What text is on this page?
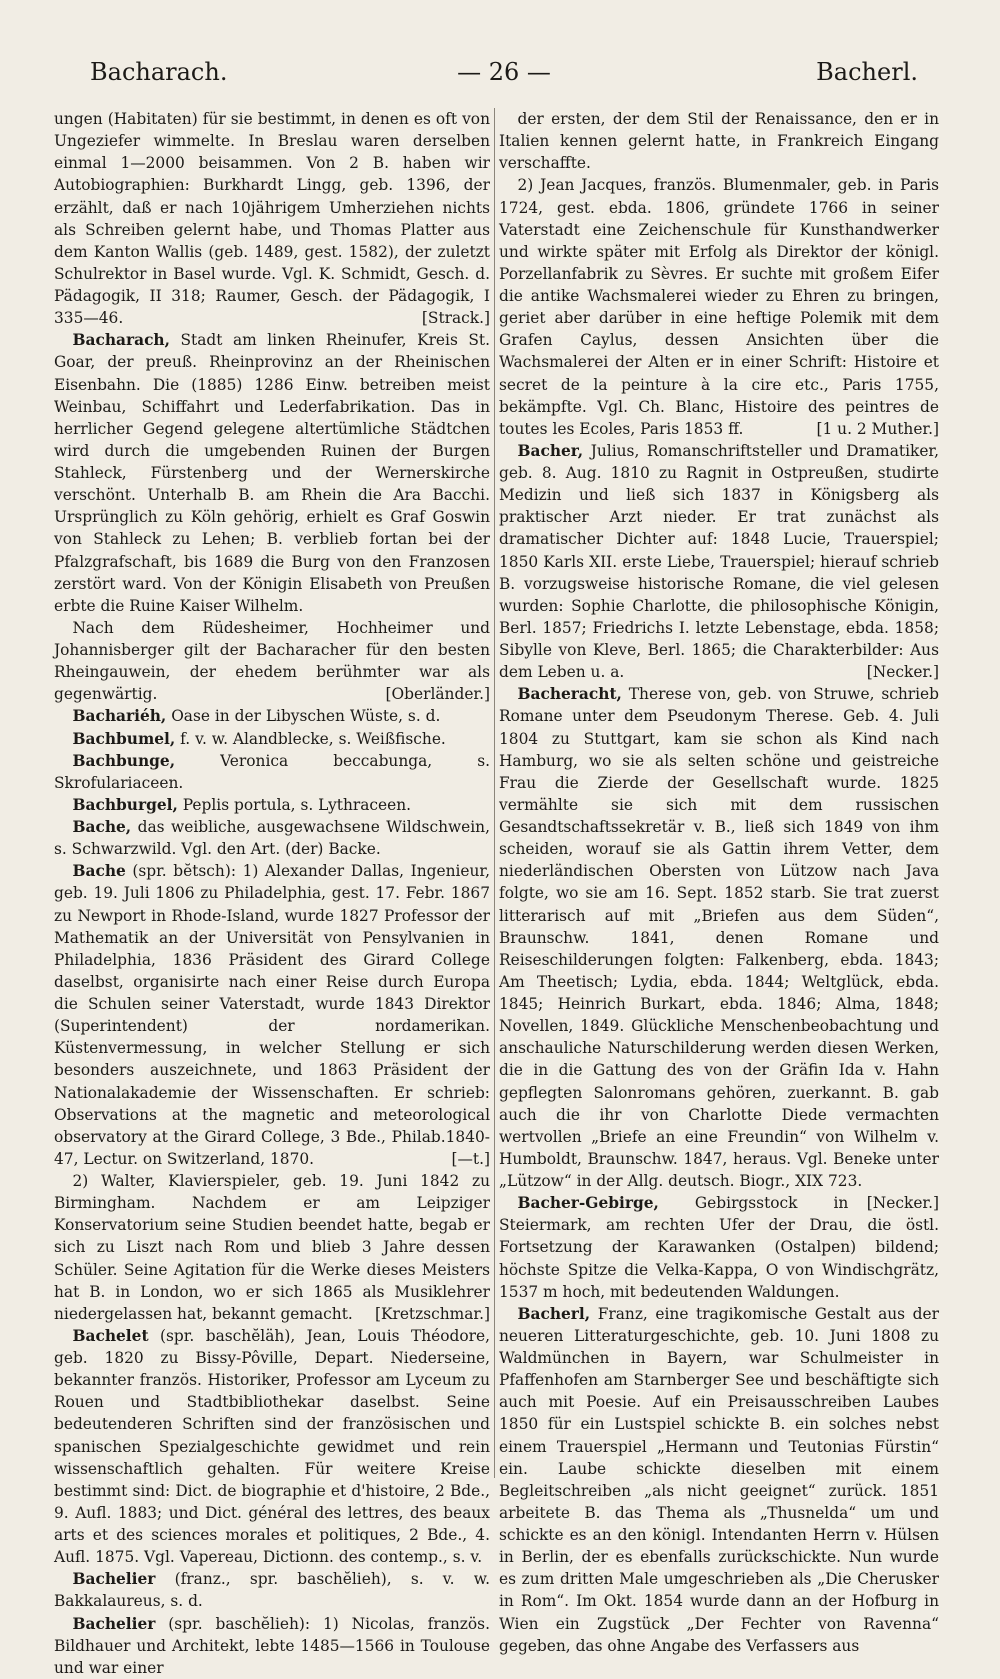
Bacharach.	— 26 —	Bacherl.

ungen (Habitaten) für sie bestimmt, in denen es oft von Ungeziefer wimmelte. In Breslau waren derselben einmal 1—2000 beisammen. Von 2 B. haben wir Autobiographien: Burkhardt Lingg, geb. 1396, der erzählt, daß er nach 10jährigem Umherziehen nichts als Schreiben gelernt habe, und Thomas Platter aus dem Kanton Wallis (geb. 1489, gest. 1582), der zuletzt Schulrektor in Basel wurde. Vgl. K. Schmidt, Gesch. d. Pädagogik, II 318; Raumer, Gesch. der Pädagogik, I 335—46.	[Strack.]

Bacharach, Stadt am linken Rheinufer, Kreis St. Goar, der preuß. Rheinprovinz an der Rheinischen Eisenbahn. Die (1885) 1286 Einw. betreiben meist Weinbau, Schiffahrt und Lederfabrikation. Das in herrlicher Gegend gelegene altertümliche Städtchen wird durch die umgebenden Ruinen der Burgen Stahleck, Fürstenberg und der Wernerskirche verschönt. Unterhalb B. am Rhein die Ara Bacchi. Ursprünglich zu Köln gehörig, erhielt es Graf Goswin von Stahleck zu Lehen; B. verblieb fortan bei der Pfalzgrafschaft, bis 1689 die Burg von den Franzosen zerstört ward. Von der Königin Elisabeth von Preußen erbte die Ruine Kaiser Wilhelm.

Nach dem Rüdesheimer, Hochheimer und Johannisberger gilt der Bacharacher für den besten Rheingauwein, der ehedem berühmter war als gegenwärtig.	[Oberländer.]

Bachariéh, Oase in der Libyschen Wüste, s. d.

Bachbumel, f. v. w. Alandblecke, s. Weißfische.

Bachbunge,	Veronica beccabunga, s. Skrofulariaceen.

Bachburgel, Peplis portula, s. Lythraceen.

Bache, das weibliche, ausgewachsene Wildschwein, s. Schwarzwild. Vgl. den Art. (der) Backe.

Bache (spr. bĕtsch): 1) Alexander Dallas, Ingenieur, geb. 19. Juli 1806 zu Philadelphia, gest. 17. Febr. 1867 zu Newport in Rhode-Island, wurde 1827 Professor der Mathematik an der Universität von Pensylvanien in Philadelphia, 1836 Präsident des Girard College daselbst, organisirte nach einer Reise durch Europa die Schulen seiner Vaterstadt, wurde 1843 Direktor (Superintendent) der nordamerikan. Küstenvermessung, in welcher Stellung er sich besonders auszeichnete, und 1863 Präsident der Nationalakademie der Wissenschaften. Er schrieb: Observations at the magnetic and meteorological observatory at the Girard College, 3 Bde., Philab.1840-47, Lectur. on Switzerland, 1870.	[—t.]

2) Walter, Klavierspieler, geb. 19. Juni 1842 zu Birmingham. Nachdem er am Leipziger Konservatorium seine Studien beendet hatte, begab er sich zu Liszt nach Rom und blieb 3 Jahre dessen Schüler. Seine Agitation für die Werke dieses Meisters hat B. in London, wo er sich 1865 als Musiklehrer niedergelassen hat, bekannt gemacht.	[Kretzschmar.]

Bachelet (spr. baschĕläh), Jean, Louis Théodore, geb. 1820 zu Bissy-Pôville, Depart. Niederseine, bekannter französ. Historiker, Professor am Lyceum zu Rouen und Stadtbibliothekar daselbst. Seine bedeutenderen Schriften sind der französischen und spanischen Spezialgeschichte gewidmet und rein wissenschaftlich gehalten. Für weitere Kreise bestimmt sind: Dict. de biographie et d'histoire, 2 Bde., 9. Aufl. 1883; und Dict. général des lettres, des beaux arts et des sciences morales et politiques, 2 Bde., 4. Aufl. 1875. Vgl. Vapereau, Dictionn. des contemp., s. v.

Bachelier (franz., spr. baschĕlieh), s. v. w. Bakkalaureus, s. d.

Bachelier (spr. baschĕlieh): 1) Nicolas, französ. Bildhauer und Architekt, lebte 1485—1566 in Toulouse und war einer

der ersten, der dem Stil der Renaissance, den er in Italien kennen gelernt hatte, in Frankreich Eingang verschaffte.

2) Jean Jacques, französ. Blumenmaler, geb. in Paris 1724, gest. ebda. 1806, gründete 1766 in seiner Vaterstadt eine Zeichenschule für Kunsthandwerker und wirkte später mit Erfolg als Direktor der königl. Porzellanfabrik zu Sèvres. Er suchte mit großem Eifer die antike Wachsmalerei wieder zu Ehren zu bringen, geriet aber darüber in eine heftige Polemik mit dem Grafen Caylus, dessen Ansichten über die Wachsmalerei der Alten er in einer Schrift: Histoire et secret de la peinture à la cire etc., Paris 1755, bekämpfte. Vgl. Ch. Blanc, Histoire des peintres de toutes les Ecoles, Paris 1853 ff.	[1 u. 2 Muther.]

Bacher, Julius, Romanschriftsteller und Dramatiker, geb. 8. Aug. 1810 zu Ragnit in Ostpreußen, studirte Medizin und ließ sich 1837 in Königsberg als praktischer Arzt nieder. Er trat zunächst als dramatischer Dichter auf: 1848 Lucie, Trauerspiel; 1850 Karls XII. erste Liebe, Trauerspiel; hierauf schrieb B. vorzugsweise historische Romane, die viel gelesen wurden: Sophie Charlotte, die philosophische Königin, Berl. 1857; Friedrichs I. letzte Lebenstage, ebda. 1858; Sibylle von Kleve, Berl. 1865; die Charakterbilder: Aus dem Leben u. a.	[Necker.]

Bacheracht, Therese von, geb. von Struwe, schrieb Romane unter dem Pseudonym Therese. Geb. 4. Juli 1804 zu Stuttgart, kam sie schon als Kind nach Hamburg, wo sie als selten schöne und geistreiche Frau die Zierde der Gesellschaft wurde. 1825 vermählte sie sich mit dem russischen Gesandtschaftssekretär v. B., ließ sich 1849 von ihm scheiden, worauf sie als Gattin ihrem Vetter, dem niederländischen Obersten von Lützow nach Java folgte, wo sie am 16. Sept. 1852 starb. Sie trat zuerst litterarisch auf mit „Briefen aus dem Süden“, Braunschw. 1841, denen Romane und Reiseschilderungen folgten: Falkenberg, ebda. 1843; Am Theetisch; Lydia, ebda. 1844; Weltglück, ebda. 1845; Heinrich Burkart, ebda. 1846; Alma, 1848; Novellen, 1849. Glückliche Menschenbeobachtung und anschauliche Naturschilderung werden diesen Werken, die in die Gattung des von der Gräfin Ida v. Hahn gepflegten Salonromans gehören, zuerkannt. B. gab auch die ihr von Charlotte Diede vermachten wertvollen „Briefe an eine Freundin“ von Wilhelm v. Humboldt, Braunschw. 1847, heraus. Vgl. Beneke unter „Lützow“ in der Allg. deutsch. Biogr., XIX 723.
[Necker.]

Bacher-Gebirge, Gebirgsstock in Steiermark, am rechten Ufer der Drau, die östl. Fortsetzung der Karawanken (Ostalpen) bildend; höchste Spitze die Velka-Kappa, O von Windischgrätz, 1537 m hoch, mit bedeutenden Waldungen.

Bacherl, Franz, eine tragikomische Gestalt aus der neueren Litteraturgeschichte, geb. 10. Juni 1808 zu Waldmünchen in Bayern, war Schulmeister in Pfaffenhofen am Starnberger See und beschäftigte sich auch mit Poesie. Auf ein Preisausschreiben Laubes 1850 für ein Lustspiel schickte B. ein solches nebst einem Trauerspiel „Hermann und Teutonias Fürstin“ ein. Laube schickte dieselben mit einem Begleitschreiben „als nicht geeignet“ zurück. 1851 arbeitete B. das Thema als „Thusnelda“ um und schickte es an den königl. Intendanten Herrn v. Hülsen in Berlin, der es ebenfalls zurückschickte. Nun wurde es zum dritten Male umgeschrieben als „Die Cherusker in Rom“. Im Okt. 1854 wurde dann an der Hofburg in Wien ein Zugstück „Der Fechter von Ravenna“ gegeben, das ohne Angabe des Verfassers aus
